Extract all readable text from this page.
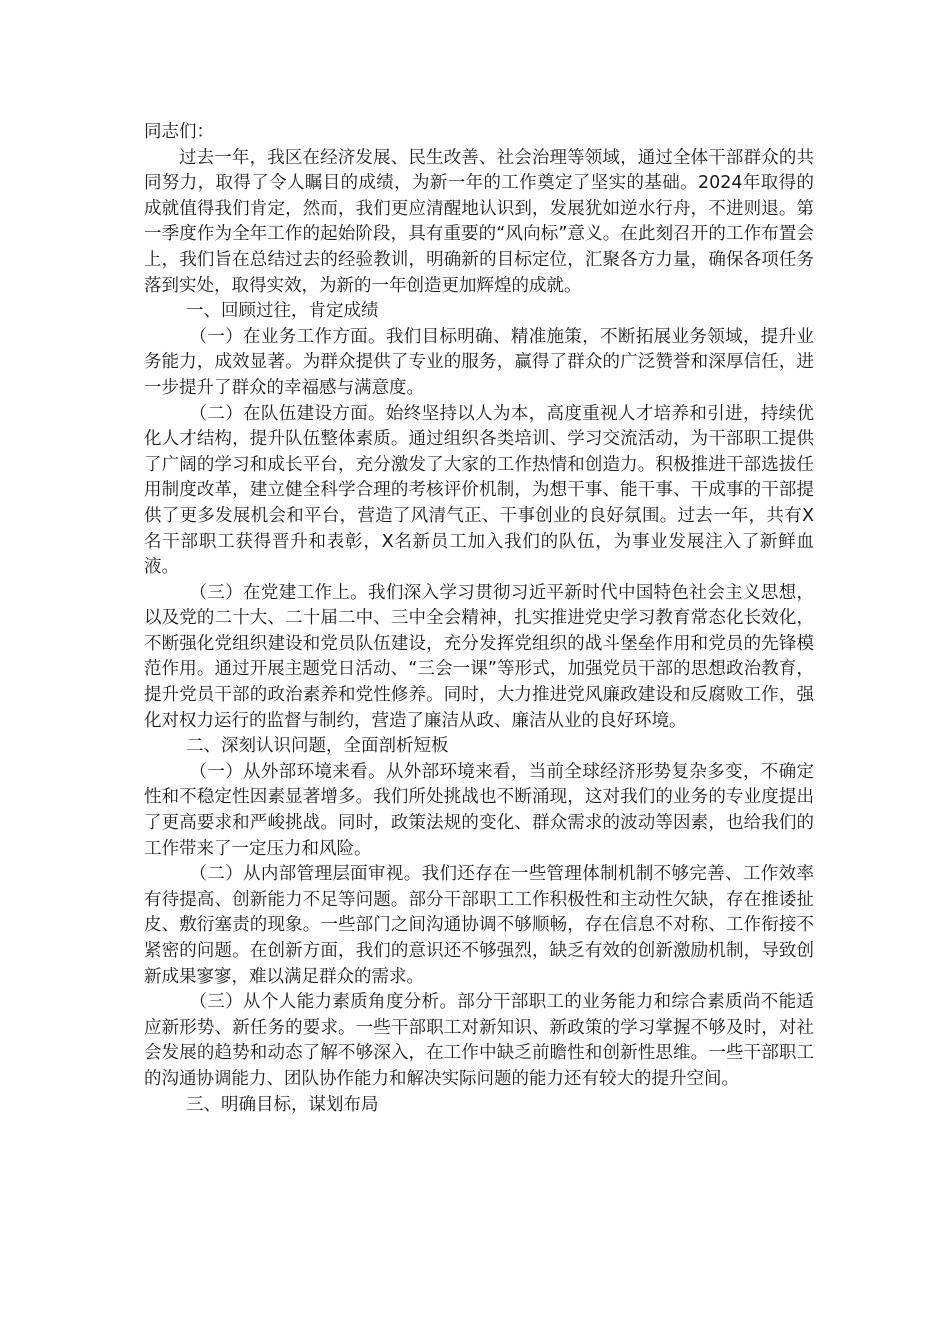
同志们：

过去一年，我区在经济发展、民生改善、社会治理等领域，通过全体干部群众的共同努力，取得了令人瞩目的成绩，为新一年的工作奠定了坚实的基础。2024年取得的成就值得我们肯定，然而，我们更应清醒地认识到，发展犹如逆水行舟，不进则退。第一季度作为全年工作的起始阶段，具有重要的“风向标”意义。在此刻召开的工作布置会上，我们旨在总结过去的经验教训，明确新的目标定位，汇聚各方力量，确保各项任务落到实处，取得实效，为新的一年创造更加辉煌的成就。

一、回顾过往，肯定成绩

（一）在业务工作方面。我们目标明确、精准施策，不断拓展业务领域，提升业务能力，成效显著。为群众提供了专业的服务，赢得了群众的广泛赞誉和深厚信任，进一步提升了群众的幸福感与满意度。

（二）在队伍建设方面。始终坚持以人为本，高度重视人才培养和引进，持续优化人才结构，提升队伍整体素质。通过组织各类培训、学习交流活动，为干部职工提供了广阔的学习和成长平台，充分激发了大家的工作热情和创造力。积极推进干部选拔任用制度改革，建立健全科学合理的考核评价机制，为想干事、能干事、干成事的干部提供了更多发展机会和平台，营造了风清气正、干事创业的良好氛围。过去一年，共有X名干部职工获得晋升和表彰，X名新员工加入我们的队伍，为事业发展注入了新鲜血液。

（三）在党建工作上。我们深入学习贯彻习近平新时代中国特色社会主义思想，以及党的二十大、二十届二中、三中全会精神，扎实推进党史学习教育常态化长效化，不断强化党组织建设和党员队伍建设，充分发挥党组织的战斗堡垒作用和党员的先锋模范作用。通过开展主题党日活动、“三会一课”等形式，加强党员干部的思想政治教育，提升党员干部的政治素养和党性修养。同时，大力推进党风廉政建设和反腐败工作，强化对权力运行的监督与制约，营造了廉洁从政、廉洁从业的良好环境。

二、深刻认识问题，全面剖析短板

（一）从外部环境来看。从外部环境来看，当前全球经济形势复杂多变，不确定性和不稳定性因素显著增多。我们所处挑战也不断涌现，这对我们的业务的专业度提出了更高要求和严峻挑战。同时，政策法规的变化、群众需求的波动等因素，也给我们的工作带来了一定压力和风险。

（二）从内部管理层面审视。我们还存在一些管理体制机制不够完善、工作效率有待提高、创新能力不足等问题。部分干部职工工作积极性和主动性欠缺，存在推诿扯皮、敷衍塞责的现象。一些部门之间沟通协调不够顺畅，存在信息不对称、工作衔接不紧密的问题。在创新方面，我们的意识还不够强烈，缺乏有效的创新激励机制，导致创新成果寥寥，难以满足群众的需求。

（三）从个人能力素质角度分析。部分干部职工的业务能力和综合素质尚不能适应新形势、新任务的要求。一些干部职工对新知识、新政策的学习掌握不够及时，对社会发展的趋势和动态了解不够深入，在工作中缺乏前瞻性和创新性思维。一些干部职工的沟通协调能力、团队协作能力和解决实际问题的能力还有较大的提升空间。

三、明确目标，谋划布局
